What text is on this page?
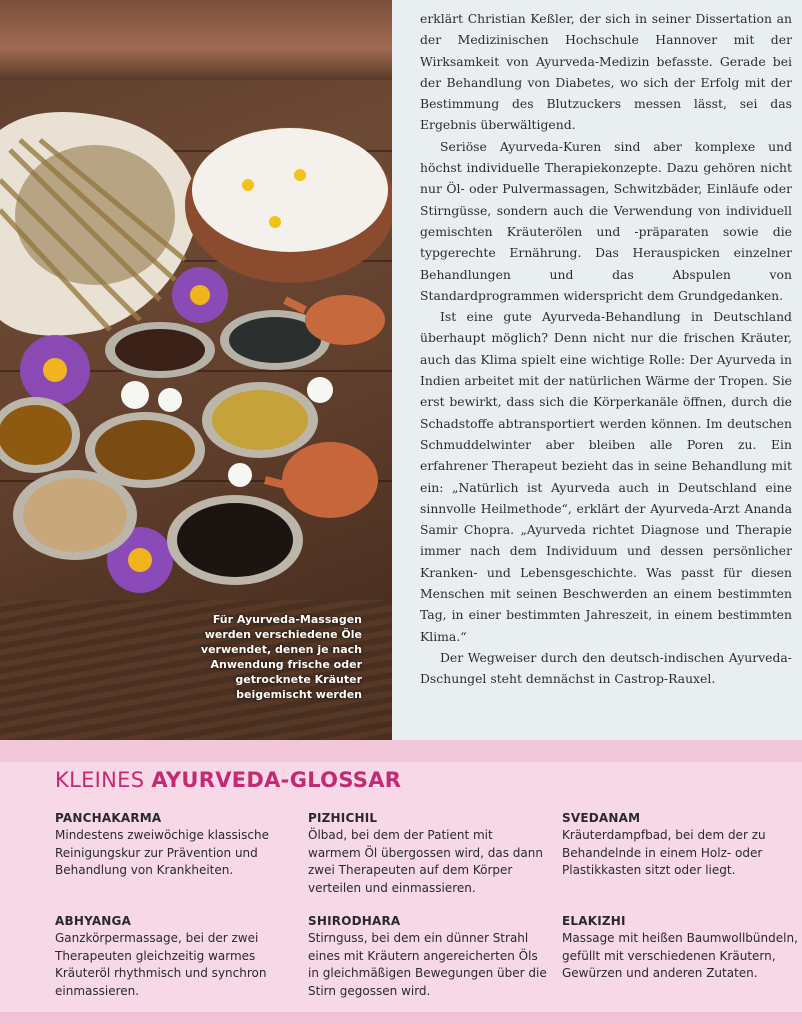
Für Ayurveda-Massagen werden verschiedene Öle verwendet, denen je nach Anwendung frische oder getrocknete Kräuter beigemischt werden

erklärt Christian Keßler, der sich in seiner Dissertation an der Medizinischen Hochschule Hannover mit der Wirksamkeit von Ayurveda-Medizin befasste. Gerade bei der Behandlung von Diabetes, wo sich der Erfolg mit der Bestimmung des Blutzuckers messen lässt, sei das Ergebnis überwältigend.

Seriöse Ayurveda-Kuren sind aber komplexe und höchst individuelle Therapiekonzepte. Dazu gehören nicht nur Öl- oder Pulvermassagen, Schwitzbäder, Einläufe oder Stirngüsse, sondern auch die Verwendung von individuell gemischten Kräuterölen und -präparaten sowie die typgerechte Ernährung. Das Herauspicken einzelner Behandlungen und das Abspulen von Standardprogrammen widerspricht dem Grundgedanken.

Ist eine gute Ayurveda-Behandlung in Deutschland überhaupt möglich? Denn nicht nur die frischen Kräuter, auch das Klima spielt eine wichtige Rolle: Der Ayurveda in Indien arbeitet mit der natürlichen Wärme der Tropen. Sie erst bewirkt, dass sich die Körperkanäle öffnen, durch die Schadstoffe abtransportiert werden können. Im deutschen Schmuddelwinter aber bleiben alle Poren zu. Ein erfahrener Therapeut bezieht das in seine Behandlung mit ein: „Natürlich ist Ayurveda auch in Deutschland eine sinnvolle Heilmethode“, erklärt der Ayurveda-Arzt Ananda Samir Chopra. „Ayurveda richtet Diagnose und Therapie immer nach dem Individuum und dessen persönlicher Kranken- und Lebensgeschichte. Was passt für diesen Menschen mit seinen Beschwerden an einem bestimmten Tag, in einer bestimmten Jahreszeit, in einem bestimmten Klima.“

Der Wegweiser durch den deutsch-indischen Ayurveda-Dschungel steht demnächst in Castrop-Rauxel.

KLEINES AYURVEDA-GLOSSAR
PANCHAKARMA
Mindestens zweiwöchige klassische Reinigungskur zur Prävention und Behandlung von Krankheiten.
PIZHICHIL
Ölbad, bei dem der Patient mit warmem Öl übergossen wird, das dann zwei Therapeuten auf dem Körper verteilen und einmassieren.
SVEDANAM
Kräuterdampfbad, bei dem der zu Behandelnde in einem Holz- oder Plastikkasten sitzt oder liegt.
ABHYANGA
Ganzkörpermassage, bei der zwei Therapeuten gleichzeitig warmes Kräuteröl rhythmisch und synchron einmassieren.
SHIRODHARA
Stirnguss, bei dem ein dünner Strahl eines mit Kräutern angereicherten Öls in gleichmäßigen Bewegungen über die Stirn gegossen wird.
ELAKIZHI
Massage mit heißen Baumwollbündeln, gefüllt mit verschiedenen Kräutern, Gewürzen und anderen Zutaten.
